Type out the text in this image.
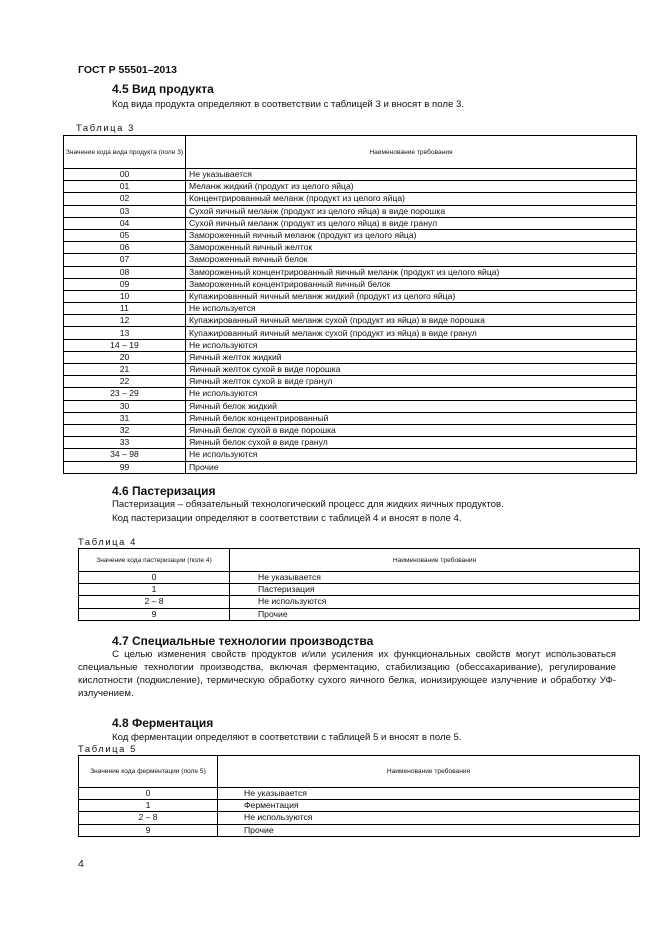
ГОСТ Р 55501–2013
4.5 Вид продукта
Код вида продукта определяют в соответствии с таблицей 3 и вносят в поле 3.
Таблица 3
Значение кода вида продукта (поле 3)	Наименование требования
00	Не указывается
01	Меланж жидкий (продукт из целого яйца)
02	Концентрированный меланж (продукт из целого яйца)
03	Сухой яичный меланж (продукт из целого яйца) в виде порошка
04	Сухой яичный меланж (продукт из целого яйца) в виде гранул
05	Замороженный яичный меланж (продукт из целого яйца)
06	Замороженный яичный желток
07	Замороженный яичный белок
08	Замороженный концентрированный яичный меланж (продукт из целого яйца)
09	Замороженный концентрированный яичный белок
10	Купажированный яичный меланж жидкий (продукт из целого яйца)
11	Не используется
12	Купажированный яичный меланж сухой (продукт из яйца) в виде порошка
13	Купажированный яичный меланж сухой (продукт из яйца) в виде гранул
14 – 19	Не используются
20	Яичный желток жидкий
21	Яичный желток сухой в виде порошка
22	Яичный желток сухой в виде гранул
23 – 29	Не используются
30	Яичный белок жидкий
31	Яичный белок концентрированный
32	Яичный белок сухой в виде порошка
33	Яичный белок сухой в виде гранул
34 – 98	Не используются
99	Прочие
4.6 Пастеризация
Пастеризация – обязательный технологический процесс для жидких яичных продуктов.
Код пастеризации определяют в соответствии с таблицей 4 и вносят в поле 4.
Таблица 4
Значение кода пастеризации (поле 4)	Наименование требования
0	Не указывается
1	Пастеризация
2 – 8	Не используются
9	Прочие
4.7 Специальные технологии производства
С целью изменения свойств продуктов и/или усиления их функциональных свойств могут использоваться специальные технологии производства, включая ферментацию, стабилизацию (обессахаривание), регулирование кислотности (подкисление), термическую обработку сухого яичного белка, ионизирующее излучение и обработку УФ-излучением.
4.8 Ферментация
Код ферментации определяют в соответствии с таблицей 5 и вносят в поле 5.
Таблица 5
Значение кода ферментации (поле 5)	Наименование требования
0	Не указывается
1	Ферментация
2 – 8	Не используются
9	Прочие
4
